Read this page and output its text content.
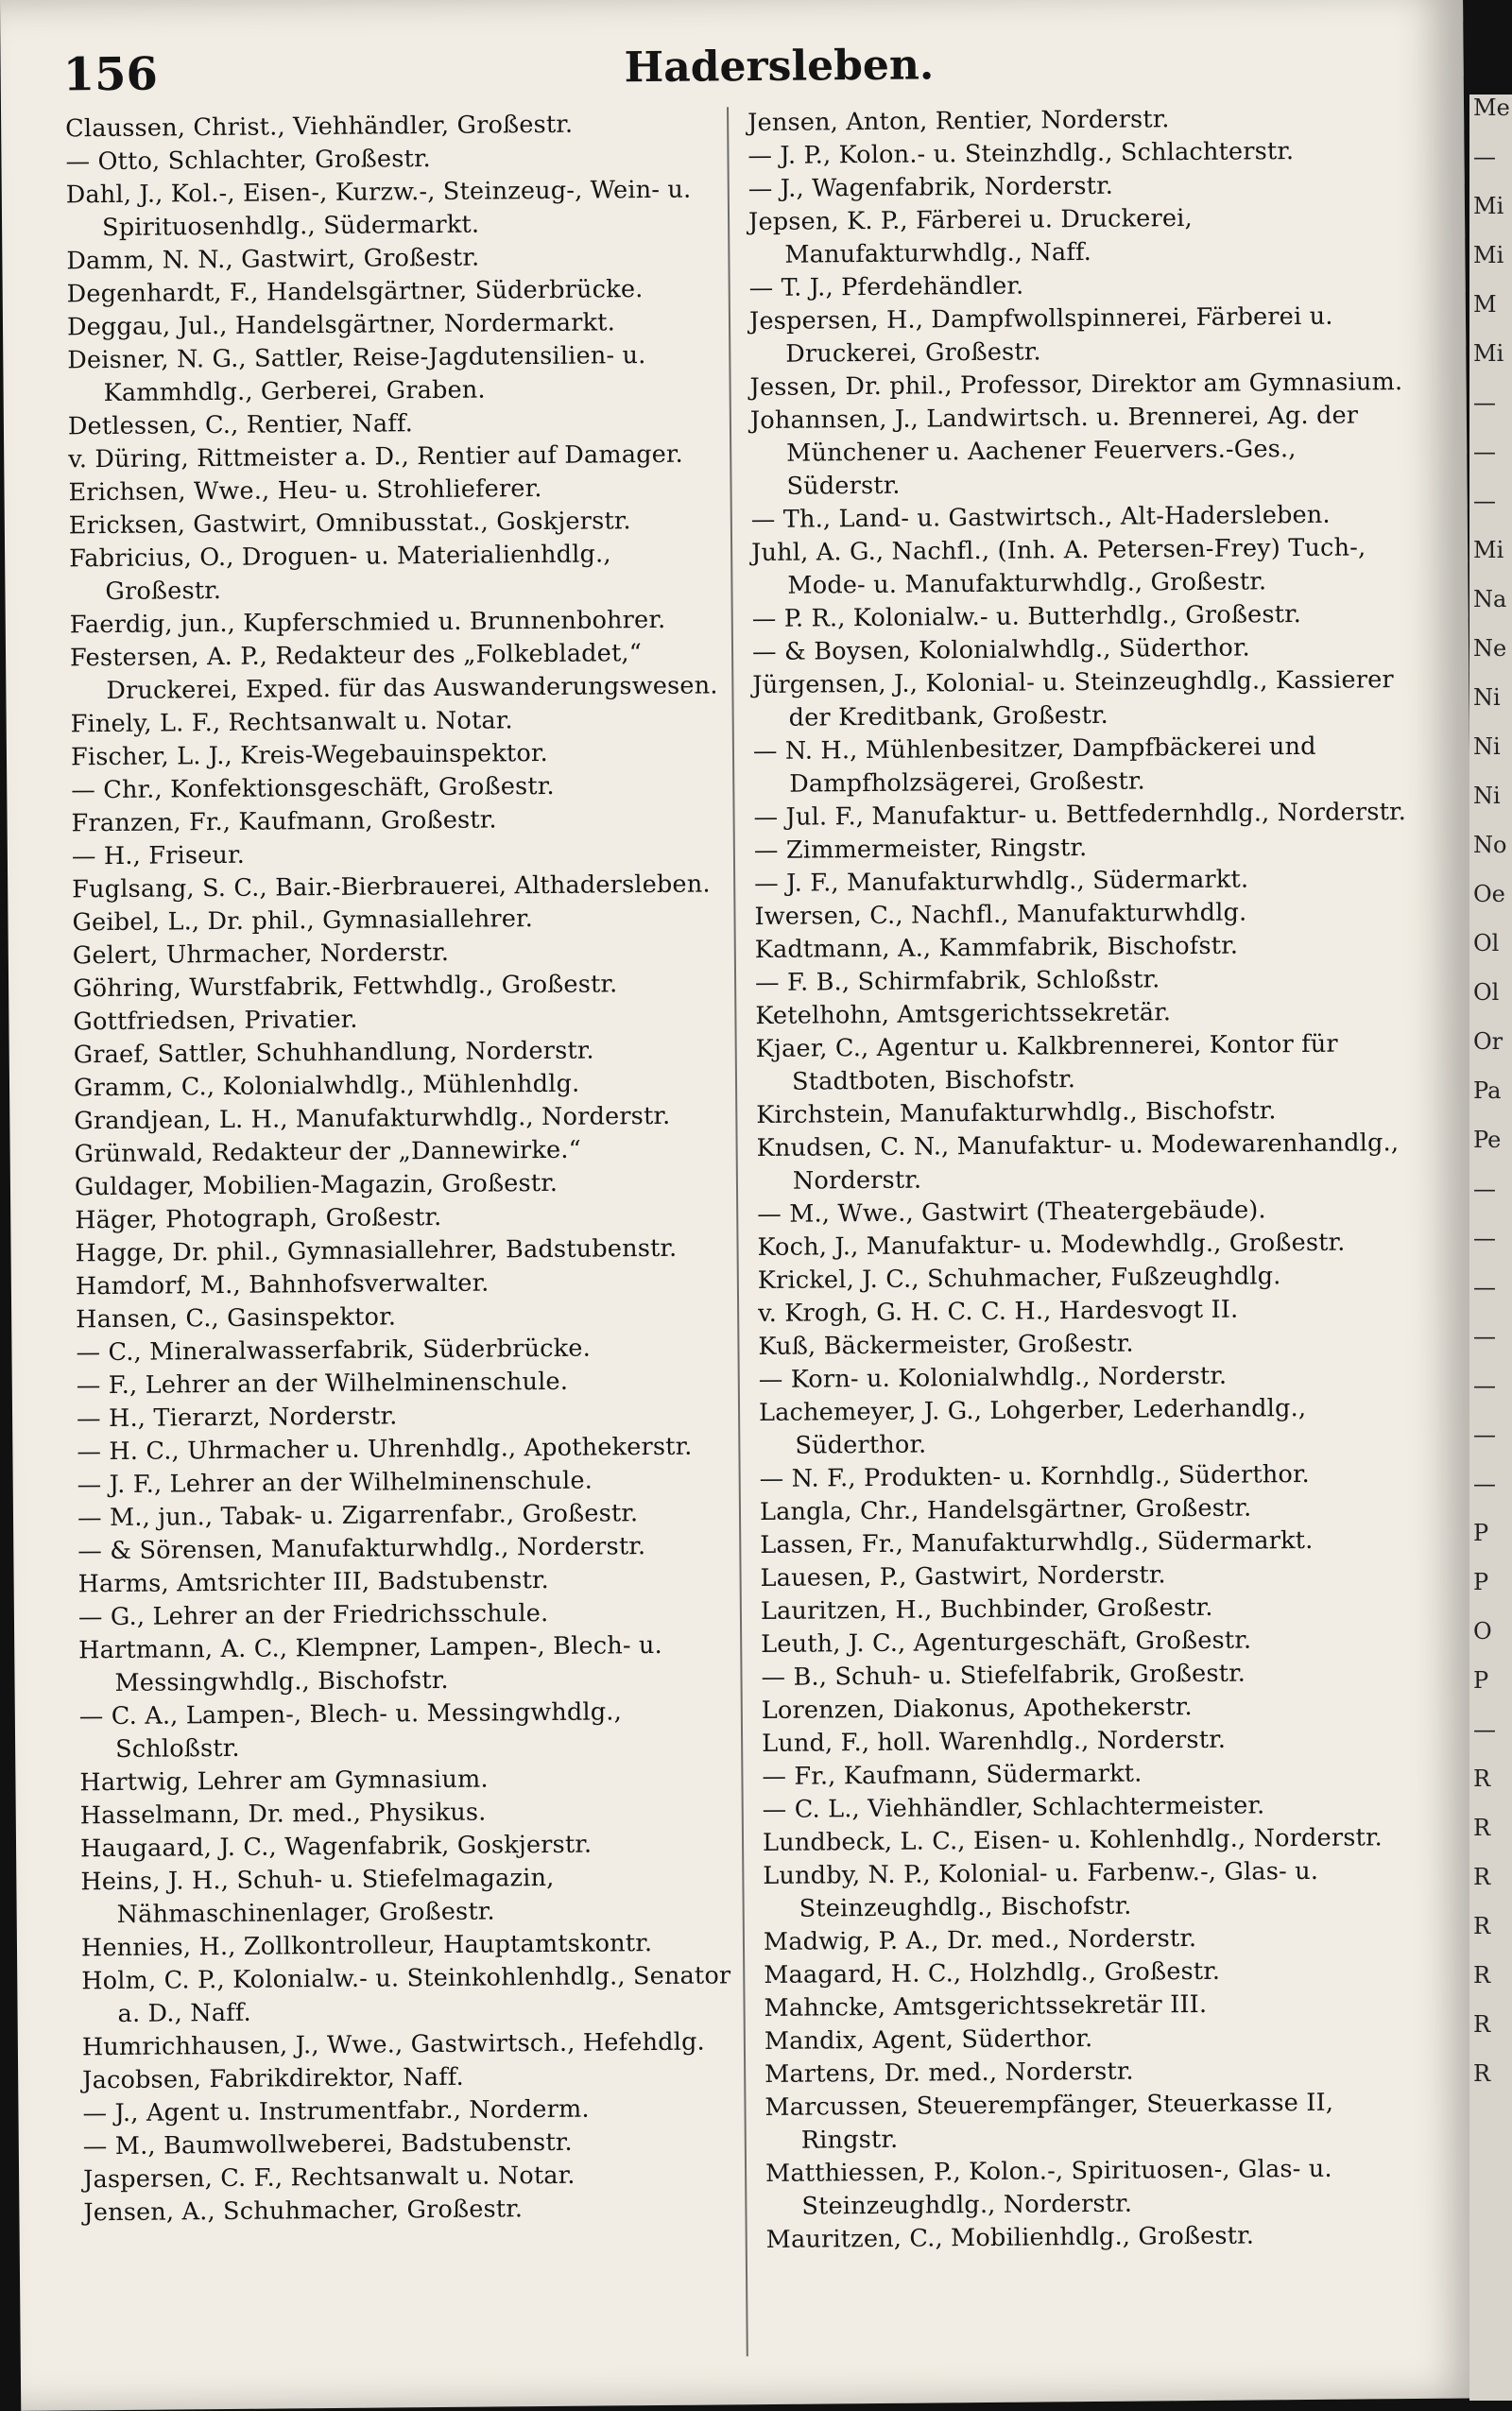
156	Hadersleben.
Claussen, Christ., Viehhändler, Großestr.
— Otto, Schlachter, Großestr.
Dahl, J., Kol.-, Eisen-, Kurzw.-, Steinzeug-, Wein- u. Spirituosenhdlg., Südermarkt.
Damm, N. N., Gastwirt, Großestr.
Degenhardt, F., Handelsgärtner, Süderbrücke.
Deggau, Jul., Handelsgärtner, Nordermarkt.
Deisner, N. G., Sattler, Reise-Jagdutensilien- u. Kammhdlg., Gerberei, Graben.
Detlessen, C., Rentier, Naff.
v. Düring, Rittmeister a. D., Rentier auf Damager.
Erichsen, Wwe., Heu- u. Strohlieferer.
Ericksen, Gastwirt, Omnibusstat., Goskjerstr.
Fabricius, O., Droguen- u. Materialienhdlg., Großestr.
Faerdig, jun., Kupferschmied u. Brunnenbohrer.
Festersen, A. P., Redakteur des „Folkebladet,“ Druckerei, Exped. für das Auswanderungswesen.
Finely, L. F., Rechtsanwalt u. Notar.
Fischer, L. J., Kreis-Wegebauinspektor.
— Chr., Konfektionsgeschäft, Großestr.
Franzen, Fr., Kaufmann, Großestr.
— H., Friseur.
Fuglsang, S. C., Bair.-Bierbrauerei, Althadersleben.
Geibel, L., Dr. phil., Gymnasiallehrer.
Gelert, Uhrmacher, Norderstr.
Göhring, Wurstfabrik, Fettwhdlg., Großestr.
Gottfriedsen, Privatier.
Graef, Sattler, Schuhhandlung, Norderstr.
Gramm, C., Kolonialwhdlg., Mühlenhdlg.
Grandjean, L. H., Manufakturwhdlg., Norderstr.
Grünwald, Redakteur der „Dannewirke.“
Guldager, Mobilien-Magazin, Großestr.
Häger, Photograph, Großestr.
Hagge, Dr. phil., Gymnasiallehrer, Badstubenstr.
Hamdorf, M., Bahnhofsverwalter.
Hansen, C., Gasinspektor.
— C., Mineralwasserfabrik, Süderbrücke.
— F., Lehrer an der Wilhelminenschule.
— H., Tierarzt, Norderstr.
— H. C., Uhrmacher u. Uhrenhdlg., Apothekerstr.
— J. F., Lehrer an der Wilhelminenschule.
— M., jun., Tabak- u. Zigarrenfabr., Großestr.
— & Sörensen, Manufakturwhdlg., Norderstr.
Harms, Amtsrichter III, Badstubenstr.
— G., Lehrer an der Friedrichsschule.
Hartmann, A. C., Klempner, Lampen-, Blech- u. Messingwhdlg., Bischofstr.
— C. A., Lampen-, Blech- u. Messingwhdlg., Schloßstr.
Hartwig, Lehrer am Gymnasium.
Hasselmann, Dr. med., Physikus.
Haugaard, J. C., Wagenfabrik, Goskjerstr.
Heins, J. H., Schuh- u. Stiefelmagazin, Nähmaschinenlager, Großestr.
Hennies, H., Zollkontrolleur, Hauptamtskontr.
Holm, C. P., Kolonialw.- u. Steinkohlenhdlg., Senator a. D., Naff.
Humrichhausen, J., Wwe., Gastwirtsch., Hefehdlg.
Jacobsen, Fabrikdirektor, Naff.
— J., Agent u. Instrumentfabr., Norderm.
— M., Baumwollweberei, Badstubenstr.
Jaspersen, C. F., Rechtsanwalt u. Notar.
Jensen, A., Schuhmacher, Großestr.
Jensen, Anton, Rentier, Norderstr.
— J. P., Kolon.- u. Steinzhdlg., Schlachterstr.
— J., Wagenfabrik, Norderstr.
Jepsen, K. P., Färberei u. Druckerei, Manufakturwhdlg., Naff.
— T. J., Pferdehändler.
Jespersen, H., Dampfwollspinnerei, Färberei u. Druckerei, Großestr.
Jessen, Dr. phil., Professor, Direktor am Gymnasium.
Johannsen, J., Landwirtsch. u. Brennerei, Ag. der Münchener u. Aachener Feuervers.-Ges., Süderstr.
— Th., Land- u. Gastwirtsch., Alt-Hadersleben.
Juhl, A. G., Nachfl., (Inh. A. Petersen-Frey) Tuch-, Mode- u. Manufakturwhdlg., Großestr.
— P. R., Kolonialw.- u. Butterhdlg., Großestr.
— & Boysen, Kolonialwhdlg., Süderthor.
Jürgensen, J., Kolonial- u. Steinzeughdlg., Kassierer der Kreditbank, Großestr.
— N. H., Mühlenbesitzer, Dampfbäckerei und Dampfholzsägerei, Großestr.
— Jul. F., Manufaktur- u. Bettfedernhdlg., Norderstr.
— Zimmermeister, Ringstr.
— J. F., Manufakturwhdlg., Südermarkt.
Iwersen, C., Nachfl., Manufakturwhdlg.
Kadtmann, A., Kammfabrik, Bischofstr.
— F. B., Schirmfabrik, Schloßstr.
Ketelhohn, Amtsgerichtssekretär.
Kjaer, C., Agentur u. Kalkbrennerei, Kontor für Stadtboten, Bischofstr.
Kirchstein, Manufakturwhdlg., Bischofstr.
Knudsen, C. N., Manufaktur- u. Modewarenhandlg., Norderstr.
— M., Wwe., Gastwirt (Theatergebäude).
Koch, J., Manufaktur- u. Modewhdlg., Großestr.
Krickel, J. C., Schuhmacher, Fußzeughdlg.
v. Krogh, G. H. C. C. H., Hardesvogt II.
Kuß, Bäckermeister, Großestr.
— Korn- u. Kolonialwhdlg., Norderstr.
Lachemeyer, J. G., Lohgerber, Lederhandlg., Süderthor.
— N. F., Produkten- u. Kornhdlg., Süderthor.
Langla, Chr., Handelsgärtner, Großestr.
Lassen, Fr., Manufakturwhdlg., Südermarkt.
Lauesen, P., Gastwirt, Norderstr.
Lauritzen, H., Buchbinder, Großestr.
Leuth, J. C., Agenturgeschäft, Großestr.
— B., Schuh- u. Stiefelfabrik, Großestr.
Lorenzen, Diakonus, Apothekerstr.
Lund, F., holl. Warenhdlg., Norderstr.
— Fr., Kaufmann, Südermarkt.
— C. L., Viehhändler, Schlachtermeister.
Lundbeck, L. C., Eisen- u. Kohlenhdlg., Norderstr.
Lundby, N. P., Kolonial- u. Farbenw.-, Glas- u. Steinzeughdlg., Bischofstr.
Madwig, P. A., Dr. med., Norderstr.
Maagard, H. C., Holzhdlg., Großestr.
Mahncke, Amtsgerichtssekretär III.
Mandix, Agent, Süderthor.
Martens, Dr. med., Norderstr.
Marcussen, Steuerempfänger, Steuerkasse II, Ringstr.
Matthiessen, P., Kolon.-, Spirituosen-, Glas- u. Steinzeughdlg., Norderstr.
Mauritzen, C., Mobilienhdlg., Großestr.
Me
—
Mi
Mi
M
Mi
—
—
—
Mi
Na
Ne
Ni
Ni
Ni
No
Oe
Ol
Ol
Or
Pa
Pe
—
—
—
—
—
—
—
P
P
O
P
—
R
R
R
R
R
R
R
